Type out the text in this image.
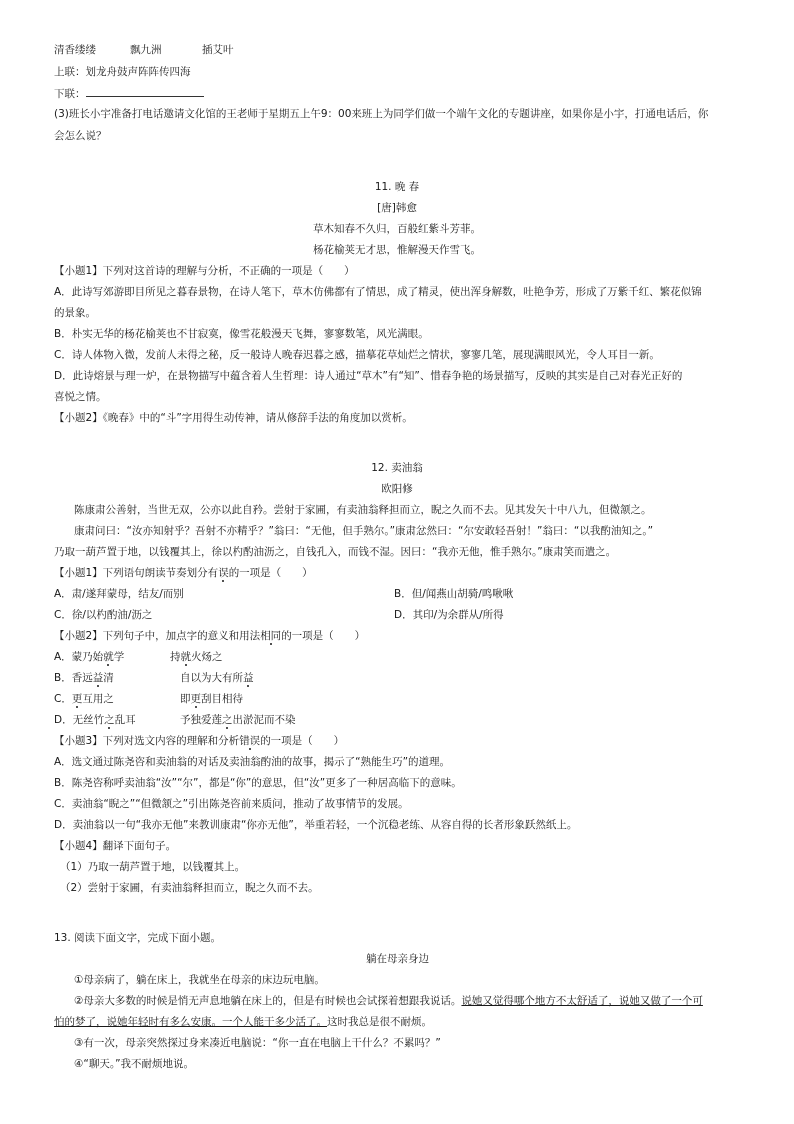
清香缕缕	飘九洲	插艾叶
上联：划龙舟鼓声阵阵传四海
下联：
(3)班长小宇准备打电话邀请文化馆的王老师于星期五上午9：00来班上为同学们做一个端午文化的专题讲座，如果你是小宇，打通电话后，你
会怎么说？
11. 晚 春
[唐]韩愈
草木知春不久归，百般红紫斗芳菲。
杨花榆荚无才思，惟解漫天作雪飞。
【小题1】下列对这首诗的理解与分析，不正确的一项是（　　）
A．此诗写郊游即目所见之暮春景物，在诗人笔下，草木仿佛都有了情思，成了精灵，使出浑身解数，吐艳争芳，形成了万紫千红、繁花似锦
的景象。
B．朴实无华的杨花榆荚也不甘寂寞，像雪花般漫天飞舞，寥寥数笔，风光满眼。
C．诗人体物入微，发前人未得之秘，反一般诗人晚春迟暮之感，描摹花草灿烂之情状，寥寥几笔，展现满眼风光，令人耳目一新。
D．此诗熔景与理一炉，在景物描写中蕴含着人生哲理：诗人通过“草木”有“知”、惜春争艳的场景描写，反映的其实是自己对春光正好的
喜悦之情。
【小题2】《晚春》中的“斗”字用得生动传神，请从修辞手法的角度加以赏析。
12. 卖油翁
欧阳修
陈康肃公善射，当世无双，公亦以此自矜。尝射于家圃，有卖油翁释担而立，睨之久而不去。见其发矢十中八九，但微颔之。
康肃问曰：“汝亦知射乎？吾射不亦精乎？”翁曰：“无他，但手熟尔。”康肃忿然曰：“尔安敢轻吾射！”翁曰：“以我酌油知之。”
乃取一葫芦置于地，以钱覆其上，徐以杓酌油沥之，自钱孔入，而钱不湿。因曰：“我亦无他，惟手熟尔。”康肃笑而遣之。
【小题1】下列语句朗读节奏划分有误的一项是（　　）
A．肃/遂拜蒙母，结友/而别	B．但/闻燕山胡骑/鸣啾啾
C．徐/以杓酌油/沥之	D．其印/为余群从/所得
【小题2】下列句子中，加点字的意义和用法相同的一项是（　　）
A．蒙乃始就学	持就火炀之
B．香远益清	自以为大有所益
C．更互用之	即更刮目相待
D．无丝竹之乱耳	予独爱莲之出淤泥而不染
【小题3】下列对选文内容的理解和分析错误的一项是（　　）
A．选文通过陈尧咨和卖油翁的对话及卖油翁酌油的故事，揭示了“熟能生巧”的道理。
B．陈尧咨称呼卖油翁“汝”“尔”，都是“你”的意思，但“汝”更多了一种居高临下的意味。
C．卖油翁“睨之”“但微颔之”引出陈尧咨前来质问，推动了故事情节的发展。
D．卖油翁以一句“我亦无他”来教训康肃“你亦无他”，举重若轻，一个沉稳老练、从容自得的长者形象跃然纸上。
【小题4】翻译下面句子。
（1）乃取一葫芦置于地，以钱覆其上。
（2）尝射于家圃，有卖油翁释担而立，睨之久而不去。
13. 阅读下面文字，完成下面小题。
躺在母亲身边
①母亲病了，躺在床上，我就坐在母亲的床边玩电脑。
②母亲大多数的时候是悄无声息地躺在床上的，但是有时候也会试探着想跟我说话。说她又觉得哪个地方不太舒适了，说她又做了一个可
怕的梦了，说她年轻时有多么安康。一个人能干多少活了。这时我总是很不耐烦。
③有一次，母亲突然探过身来凑近电脑说：“你一直在电脑上干什么？不累吗？”
④“聊天。”我不耐烦地说。
